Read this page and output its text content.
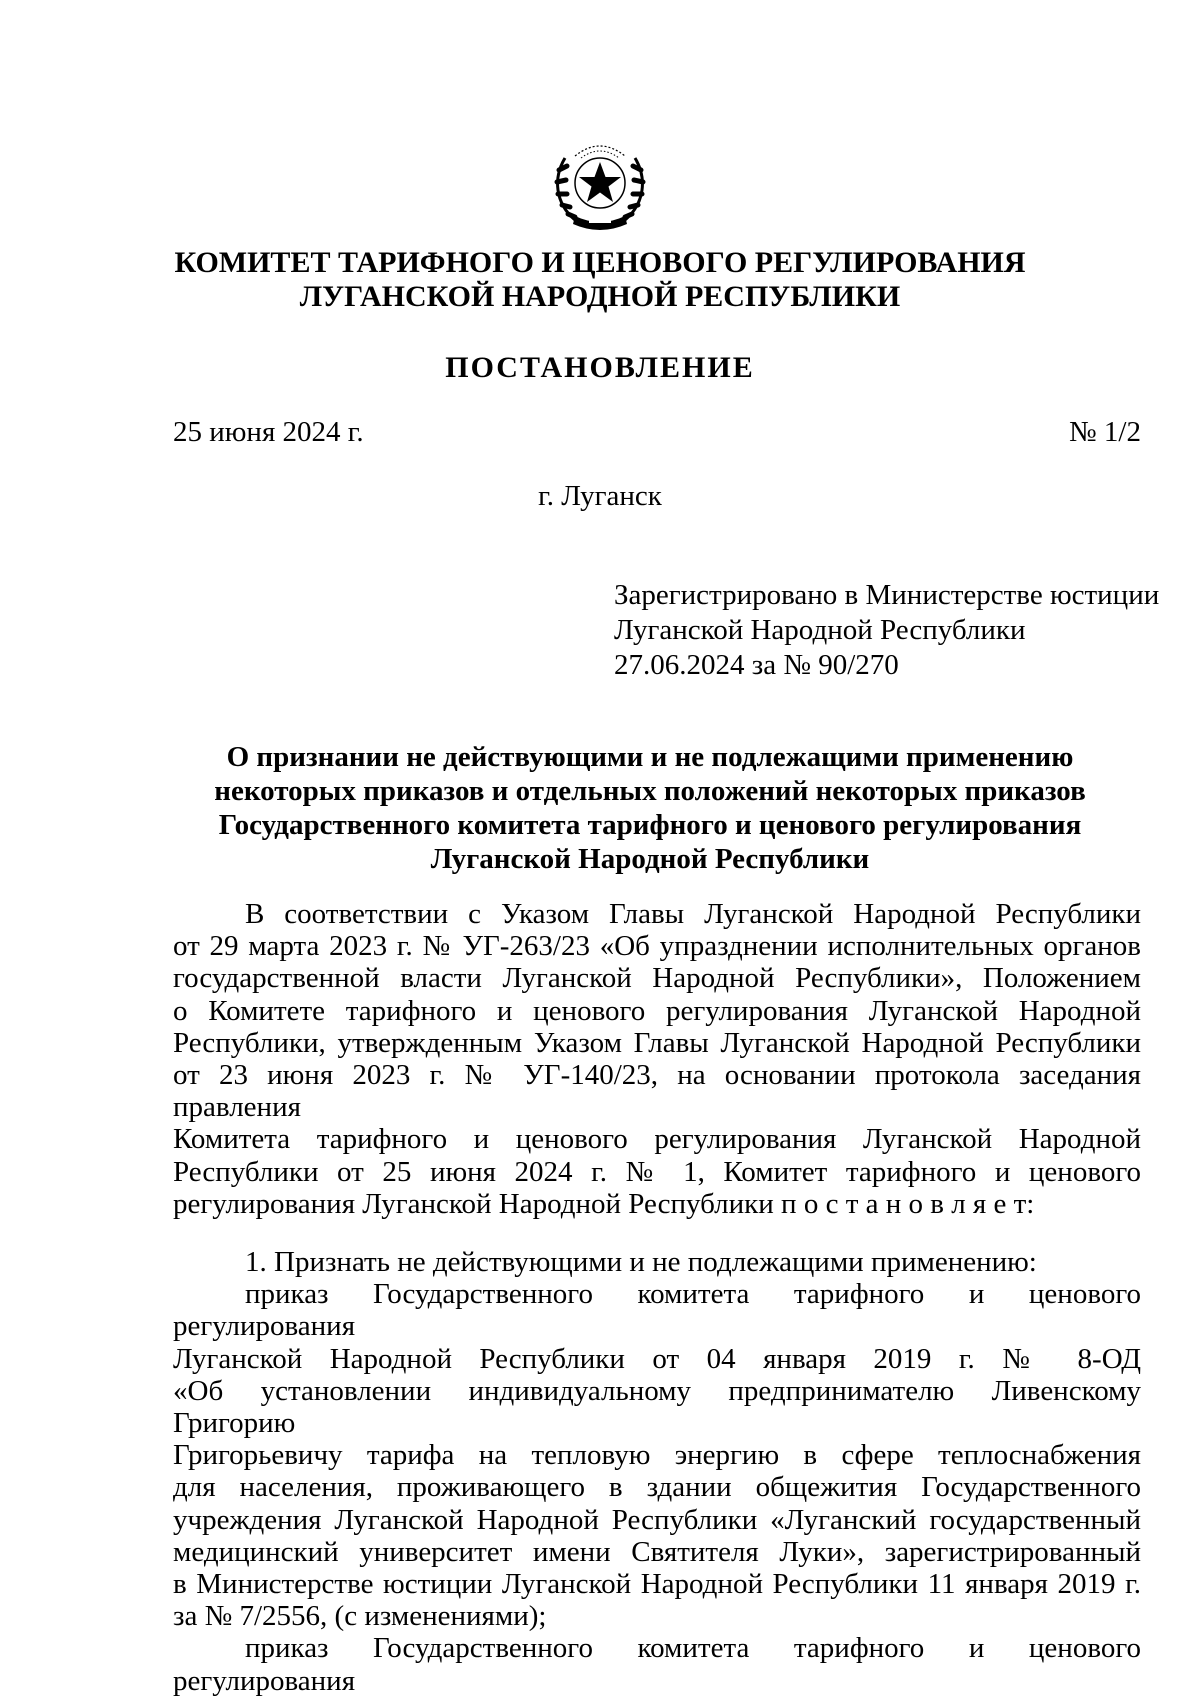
КОМИТЕТ ТАРИФНОГО И ЦЕНОВОГО РЕГУЛИРОВАНИЯ
ЛУГАНСКОЙ НАРОДНОЙ РЕСПУБЛИКИ
ПОСТАНОВЛЕНИЕ
25 июня 2024 г.	№ 1/2
г. Луганск
Зарегистрировано в Министерстве юстиции
Луганской Народной Республики
27.06.2024 за № 90/270
О признании не действующими и не подлежащими применению
некоторых приказов и отдельных положений некоторых приказов
Государственного комитета тарифного и ценового регулирования
Луганской Народной Республики

В соответствии с Указом Главы Луганской Народной Республики

от 29 марта 2023 г. № УГ-263/23 «Об упразднении исполнительных органов

государственной власти Луганской Народной Республики», Положением

о Комитете тарифного и ценового регулирования Луганской Народной

Республики, утвержденным Указом Главы Луганской Народной Республики

от 23 июня 2023 г. № УГ-140/23, на основании протокола заседания правления

Комитета тарифного и ценового регулирования Луганской Народной

Республики от 25 июня 2024 г. № 1, Комитет тарифного и ценового

регулирования Луганской Народной Республики п о с т а н о в л я е т:

1. Признать не действующими и не подлежащими применению:

приказ Государственного комитета тарифного и ценового регулирования

Луганской Народной Республики от 04 января 2019 г. № 8-ОД

«Об установлении индивидуальному предпринимателю Ливенскому Григорию

Григорьевичу тарифа на тепловую энергию в сфере теплоснабжения

для населения, проживающего в здании общежития Государственного

учреждения Луганской Народной Республики «Луганский государственный

медицинский университет имени Святителя Луки», зарегистрированный

в Министерстве юстиции Луганской Народной Республики 11 января 2019 г.

за № 7/2556, (с изменениями);

приказ Государственного комитета тарифного и ценового регулирования
